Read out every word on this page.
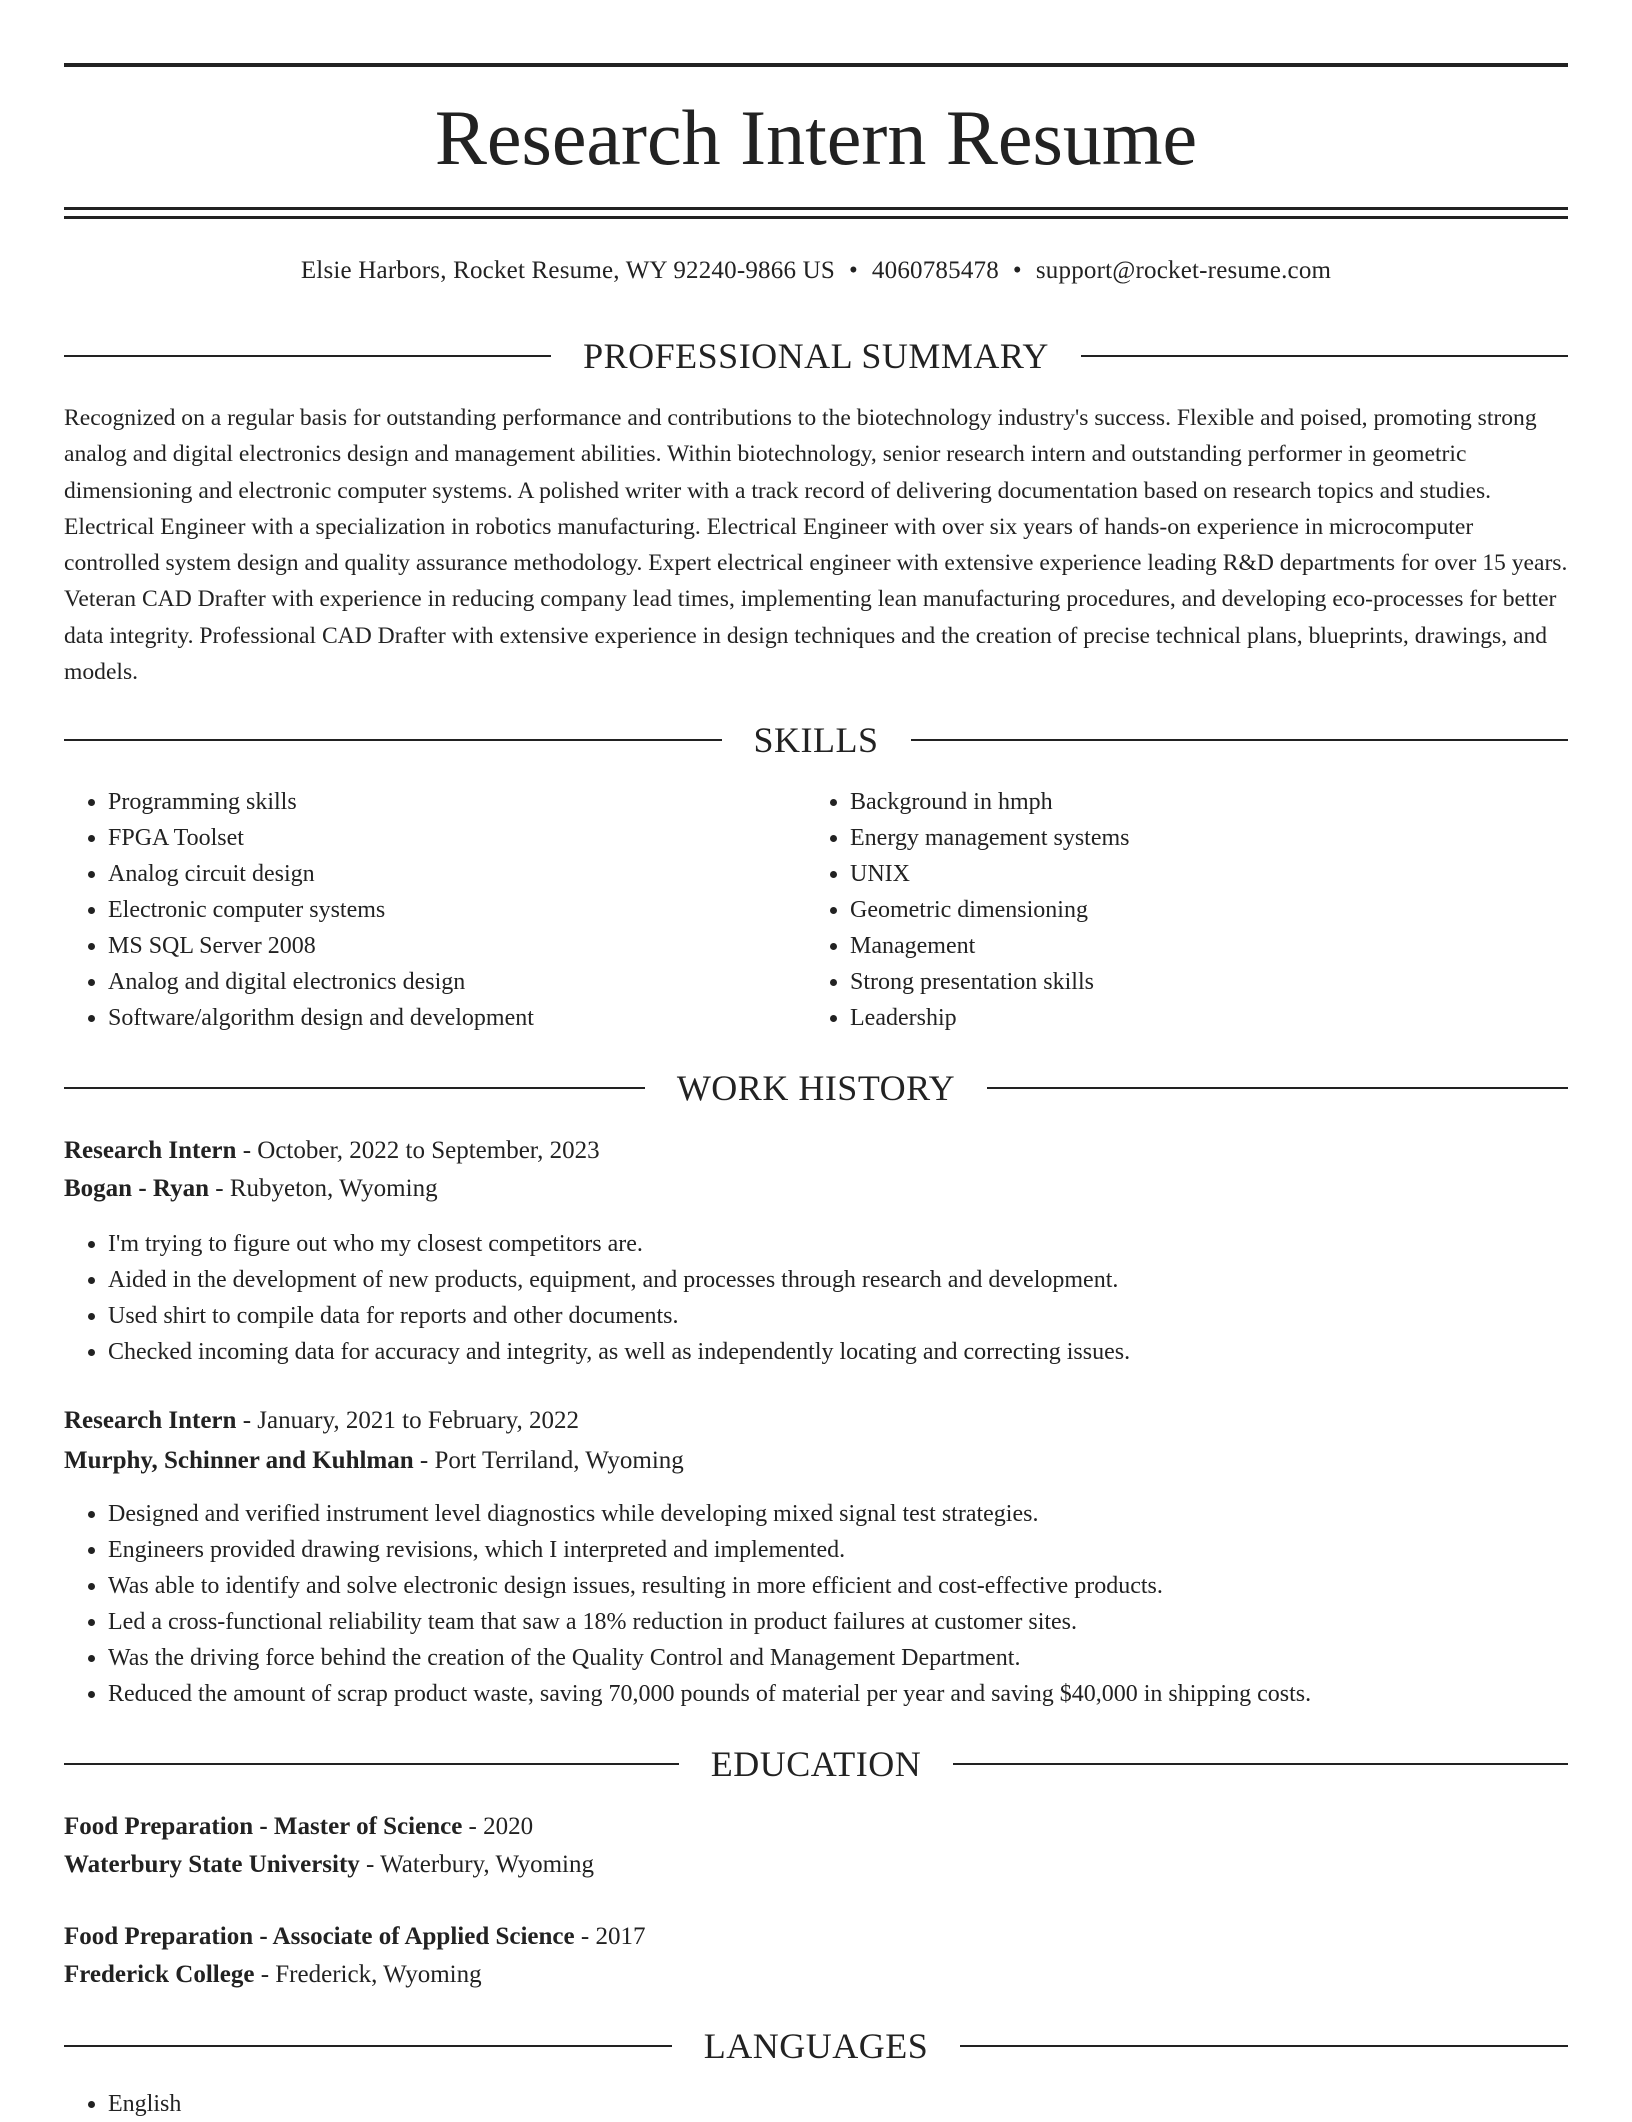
Research Intern Resume
Elsie Harbors, Rocket Resume, WY 92240-9866 US • 4060785478 • support@rocket-resume.com
PROFESSIONAL SUMMARY

Recognized on a regular basis for outstanding performance and contributions to the biotechnology industry's success. Flexible and poised, promoting strong analog and digital electronics design and management abilities. Within biotechnology, senior research intern and outstanding performer in geometric dimensioning and electronic computer systems. A polished writer with a track record of delivering documentation based on research topics and studies. Electrical Engineer with a specialization in robotics manufacturing. Electrical Engineer with over six years of hands-on experience in microcomputer controlled system design and quality assurance methodology. Expert electrical engineer with extensive experience leading R&D departments for over 15 years. Veteran CAD Drafter with experience in reducing company lead times, implementing lean manufacturing procedures, and developing eco-processes for better data integrity. Professional CAD Drafter with extensive experience in design techniques and the creation of precise technical plans, blueprints, drawings, and models.

SKILLS
• Programming skills
• FPGA Toolset
• Analog circuit design
• Electronic computer systems
• MS SQL Server 2008
• Analog and digital electronics design
• Software/algorithm design and development
• Background in hmph
• Energy management systems
• UNIX
• Geometric dimensioning
• Management
• Strong presentation skills
• Leadership
WORK HISTORY
Research Intern - October, 2022 to September, 2023
Bogan - Ryan - Rubyeton, Wyoming
• I'm trying to figure out who my closest competitors are.
• Aided in the development of new products, equipment, and processes through research and development.
• Used shirt to compile data for reports and other documents.
• Checked incoming data for accuracy and integrity, as well as independently locating and correcting issues.
Research Intern - January, 2021 to February, 2022
Murphy, Schinner and Kuhlman - Port Terriland, Wyoming
• Designed and verified instrument level diagnostics while developing mixed signal test strategies.
• Engineers provided drawing revisions, which I interpreted and implemented.
• Was able to identify and solve electronic design issues, resulting in more efficient and cost-effective products.
• Led a cross-functional reliability team that saw a 18% reduction in product failures at customer sites.
• Was the driving force behind the creation of the Quality Control and Management Department.
• Reduced the amount of scrap product waste, saving 70,000 pounds of material per year and saving $40,000 in shipping costs.
EDUCATION
Food Preparation - Master of Science - 2020
Waterbury State University - Waterbury, Wyoming
Food Preparation - Associate of Applied Science - 2017
Frederick College - Frederick, Wyoming
LANGUAGES
• English
